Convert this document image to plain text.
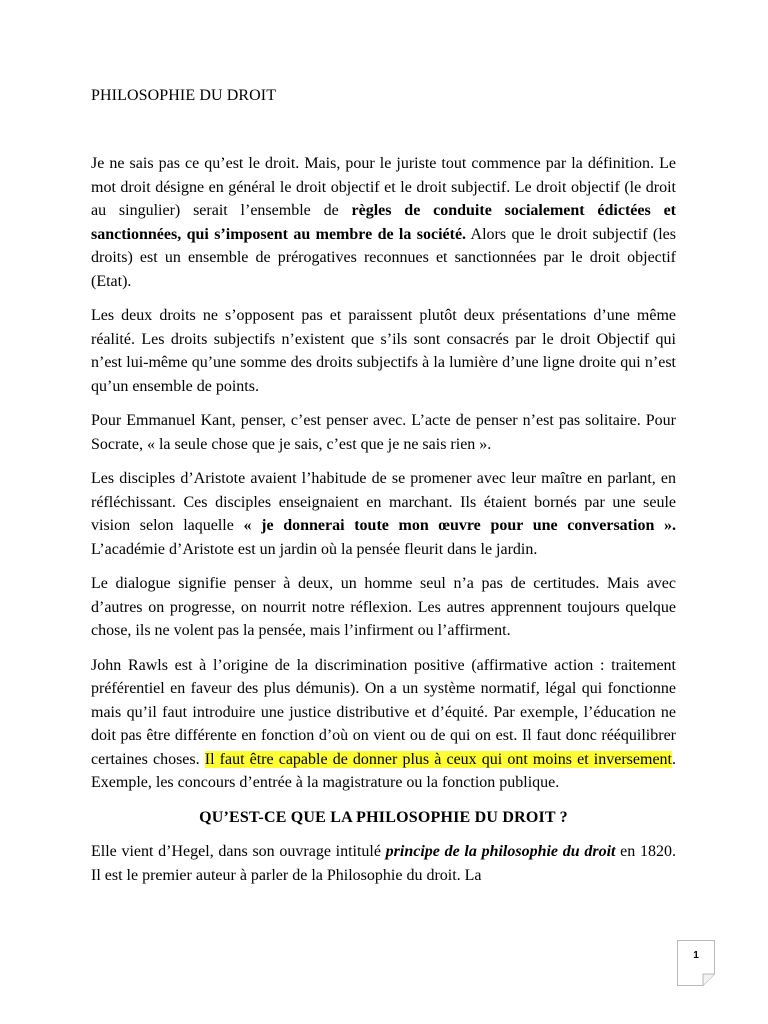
PHILOSOPHIE DU DROIT

Je ne sais pas ce qu’est le droit. Mais, pour le juriste tout commence par la définition. Le mot droit désigne en général le droit objectif et le droit subjectif. Le droit objectif (le droit au singulier) serait l’ensemble de règles de conduite socialement édictées et sanctionnées, qui s’imposent au membre de la société. Alors que le droit subjectif (les droits) est un ensemble de prérogatives reconnues et sanctionnées par le droit objectif (Etat).

Les deux droits ne s’opposent pas et paraissent plutôt deux présentations d’une même réalité. Les droits subjectifs n’existent que s’ils sont consacrés par le droit Objectif qui n’est lui-même qu’une somme des droits subjectifs à la lumière d’une ligne droite qui n’est qu’un ensemble de points.

Pour Emmanuel Kant, penser, c’est penser avec. L’acte de penser n’est pas solitaire. Pour Socrate, « la seule chose que je sais, c’est que je ne sais rien ».

Les disciples d’Aristote avaient l’habitude de se promener avec leur maître en parlant, en réfléchissant. Ces disciples enseignaient en marchant. Ils étaient bornés par une seule vision selon laquelle « je donnerai toute mon œuvre pour une conversation ». L’académie d’Aristote est un jardin où la pensée fleurit dans le jardin.

Le dialogue signifie penser à deux, un homme seul n’a pas de certitudes. Mais avec d’autres on progresse, on nourrit notre réflexion. Les autres apprennent toujours quelque chose, ils ne volent pas la pensée, mais l’infirment ou l’affirment.

John Rawls est à l’origine de la discrimination positive (affirmative action : traitement préférentiel en faveur des plus démunis). On a un système normatif, légal qui fonctionne mais qu’il faut introduire une justice distributive et d’équité. Par exemple, l’éducation ne doit pas être différente en fonction d’où on vient ou de qui on est. Il faut donc rééquilibrer certaines choses. Il faut être capable de donner plus à ceux qui ont moins et inversement. Exemple, les concours d’entrée à la magistrature ou la fonction publique.

QU’EST-CE QUE LA PHILOSOPHIE DU DROIT ?

Elle vient d’Hegel, dans son ouvrage intitulé principe de la philosophie du droit en 1820. Il est le premier auteur à parler de la Philosophie du droit. La

1
